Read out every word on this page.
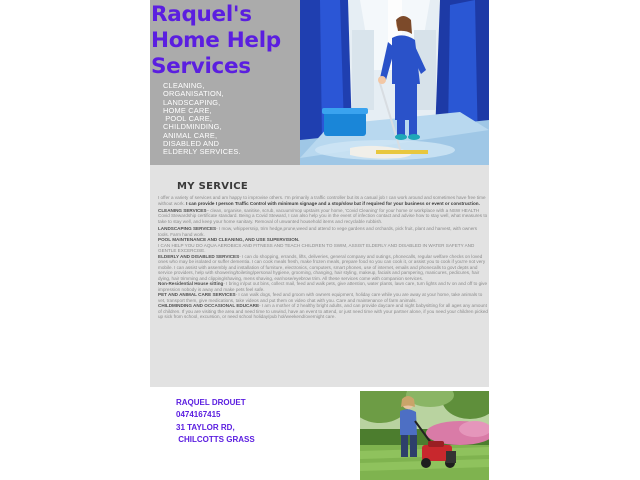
Raquel's
Home Help
Services
CLEANING,
ORGANISATION,
LANDSCAPING,
HOME CARE,
POOL CARE,
CHILDMINDING,
ANIMAL CARE,
DISABLED AND
ELDERLY SERVICES.
MY SERVICE

I offer a variety of services and am happy to improvise others. I'm primarily a traffic controller but its a casual job I can work around and sometimes have free time without work. I can provide I person Traffic Control with minimum signage and a stop/slow bat if required for your business or event or construction.

CLEANING SERVICES– clean, organise, sanitise, scrub, vacuum/mop upstairs your home, 'Covid Cleaning' for your home or workplace with a NSW HEALTH Covid Stewardship certificate standard. Being a Covid Steward, I can also help you in the event of infection contact and advise how to stay well, what measures to take to stay well, and keep your home sanitary. Removal of unwanted household items and recyclable rubbish.

LANDSCAPING SERVICES- I mow, whippersnip, trim hedge,prune,weed and attend to vege gardens and orchards, pick fruit, plant and harvest, with owners tools. Farm hand work.

POOL MAINTENANCE AND CLEANING, AND USE SUPERVISION.

I CAN HELP YOU DO AQUA AEROBICS AND FITNESS AND TEACH CHILDREN TO SWIM, ASSIST ELDERLY AND DISABLED IN WATER SAFETY AND GENTLE EXCERCISE.

ELDERLY AND DISABLED SERVICES- I can do shopping, errands, lifts, deliveries, general company and outings, phonecalls, regular welfare checks on loved ones who may be isolated or suffer dementia. I can cook meals fresh, make frozen meals, prepare food so you can cook it, or assist you to cook if you're not very mobile. I can assist with assembly and installation of furniture, electronics, computers, smart phones, use of internet, emails and phonecalls to govt depts and service providers, help with showering/toileting/personal hygiene, grooming, changing, hair styling, makeup, facials and pampering, manicures, pedicures, hair dying, hair trimming and clipping/shaving, mens shaving, ear/nose/eyebrow trim. All these services come with companion services.

Non-Residential House sitting- I bring in/put out bins, collect mail, feed and walk pets, give attention, water plants, lawn care, turn lights and tv on and off to give impression nobody is away and make pets feel safe.

PET AND ANIMAL CARE SERVICES- I can walk dogs, feed and groom with owners equipment, holiday care while you are away at your home, take animals to vet, transport them, give medications, take videos and put them on video chat with you. Care and maintenance of farm animals.

CHILDMINDING AND OCCASIONAL EDUCARE- I am a mother of 2 healthy bright adults, and can provide daycare and night babysitting for all ages any amount of children. If you are visiting the area and need time to unwind, have an event to attend, or just need time with your partner alone, if you need your children picked up sick from school, excursion, or need school holiday/pub hol/weekend/overnight care.

RAQUEL DROUET
0474167415
31 TAYLOR RD,
CHILCOTTS GRASS
